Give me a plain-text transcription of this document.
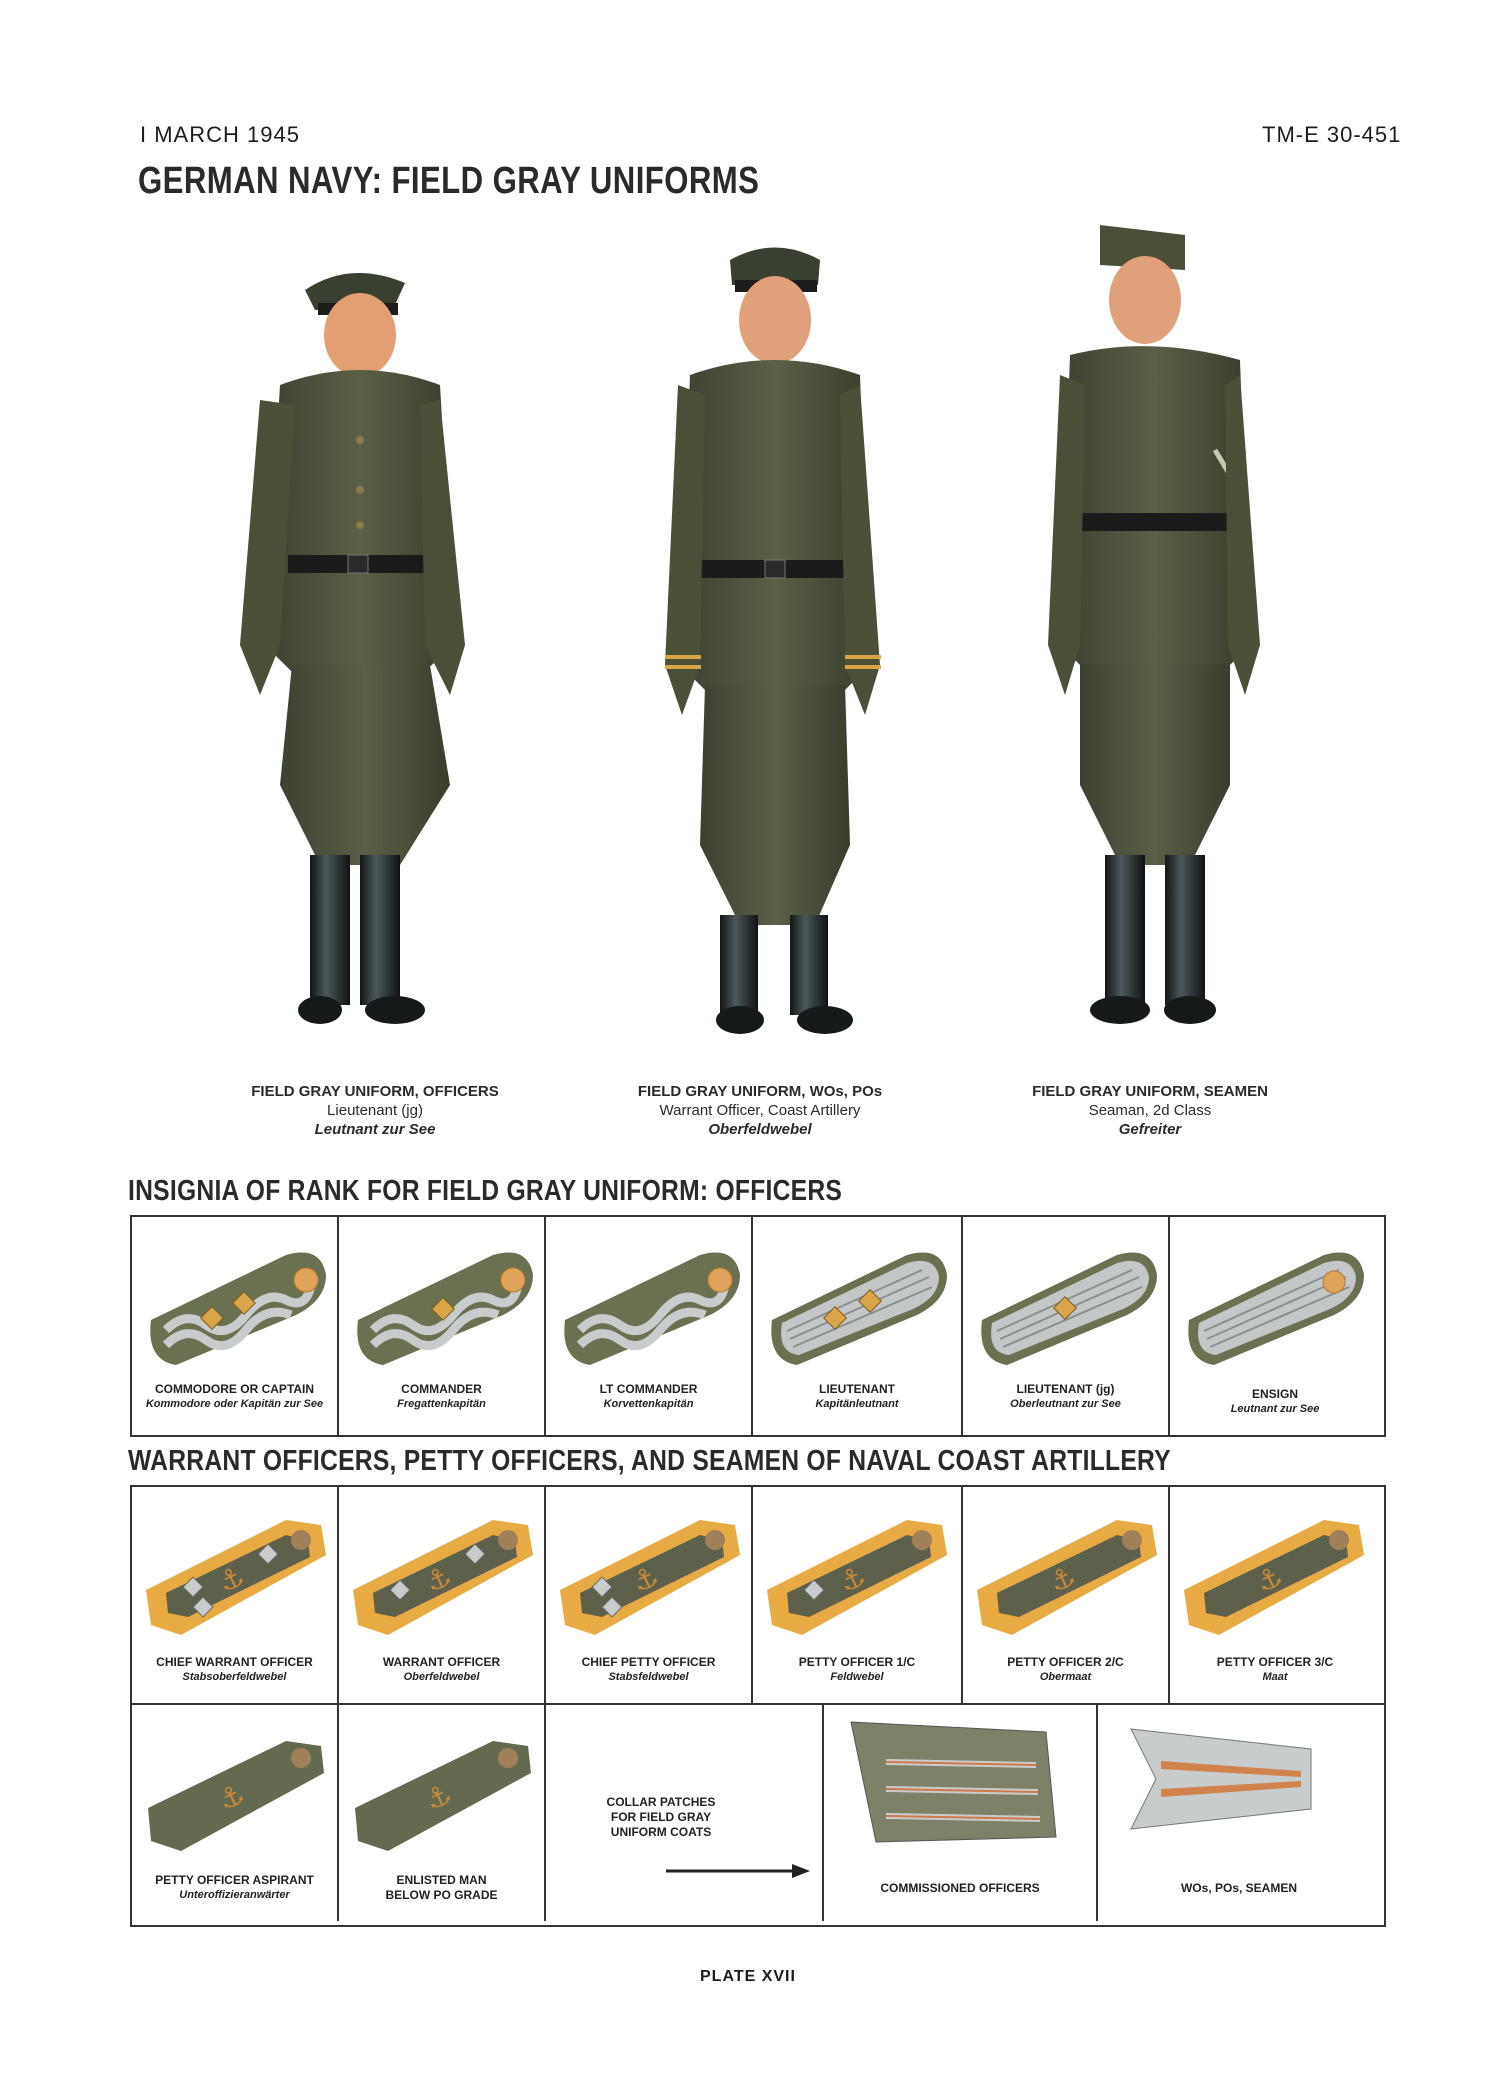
I MARCH 1945	TM-E 30-451
GERMAN NAVY: FIELD GRAY UNIFORMS
FIELD GRAY UNIFORM, OFFICERS
Lieutenant (jg)
Leutnant zur See
FIELD GRAY UNIFORM, WOs, POs
Warrant Officer, Coast Artillery
Oberfeldwebel
FIELD GRAY UNIFORM, SEAMEN
Seaman, 2d Class
Gefreiter
INSIGNIA OF RANK FOR FIELD GRAY UNIFORM: OFFICERS
COMMODORE OR CAPTAIN
Kommodore oder Kapitän zur See
COMMANDER
Fregattenkapitän
LT COMMANDER
Korvettenkapitän
LIEUTENANT
Kapitänleutnant
LIEUTENANT (jg)
Oberleutnant zur See
ENSIGN
Leutnant zur See
WARRANT OFFICERS, PETTY OFFICERS, AND SEAMEN OF NAVAL COAST ARTILLERY
⚓
CHIEF WARRANT OFFICER
Stabsoberfeldwebel
⚓
WARRANT OFFICER
Oberfeldwebel
⚓
CHIEF PETTY OFFICER
Stabsfeldwebel
⚓
PETTY OFFICER 1/C
Feldwebel
⚓
PETTY OFFICER 2/C
Obermaat
⚓
PETTY OFFICER 3/C
Maat
⚓
PETTY OFFICER ASPIRANT
Unteroffizieranwärter
⚓
ENLISTED MAN
BELOW PO GRADE
COLLAR PATCHES
FOR FIELD GRAY
UNIFORM COATS
COMMISSIONED OFFICERS	WOs, POs, SEAMEN
PLATE XVII
